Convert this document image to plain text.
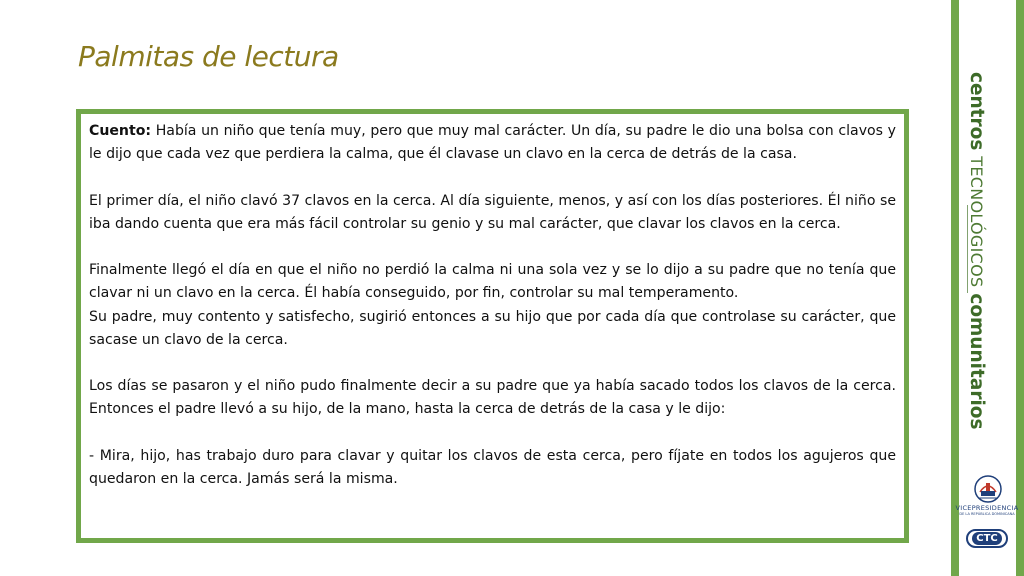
Palmitas de lectura

Cuento: Había un niño que tenía muy, pero que muy mal carácter. Un día, su padre le dio una bolsa con clavos y le dijo que cada vez que perdiera la calma, que él clavase un clavo en la cerca de detrás de la casa.

El primer día, el niño clavó 37 clavos en la cerca. Al día siguiente, menos, y así con los días posteriores. Él niño se iba dando cuenta que era más fácil controlar su genio y su mal carácter, que clavar los clavos en la cerca.

Finalmente llegó el día en que el niño no perdió la calma ni una sola vez y se lo dijo a su padre que no tenía que clavar ni un clavo en la cerca. Él había conseguido, por fin, controlar su mal temperamento.

Su padre, muy contento y satisfecho, sugirió entonces a su hijo que por cada día que controlase su carácter, que sacase un clavo de la cerca.

Los días se pasaron y el niño pudo finalmente decir a su padre que ya había sacado todos los clavos de la cerca. Entonces el padre llevó a su hijo, de la mano, hasta la cerca de detrás de la casa y le dijo:

- Mira, hijo, has trabajo duro para clavar y quitar los clavos de esta cerca, pero fíjate en todos los agujeros que quedaron en la cerca. Jamás será la misma.

centros TECNOLÓGICOS comunitarios
VICEPRESIDENCIA
DE LA REPÚBLICA DOMINICANA
CTC
